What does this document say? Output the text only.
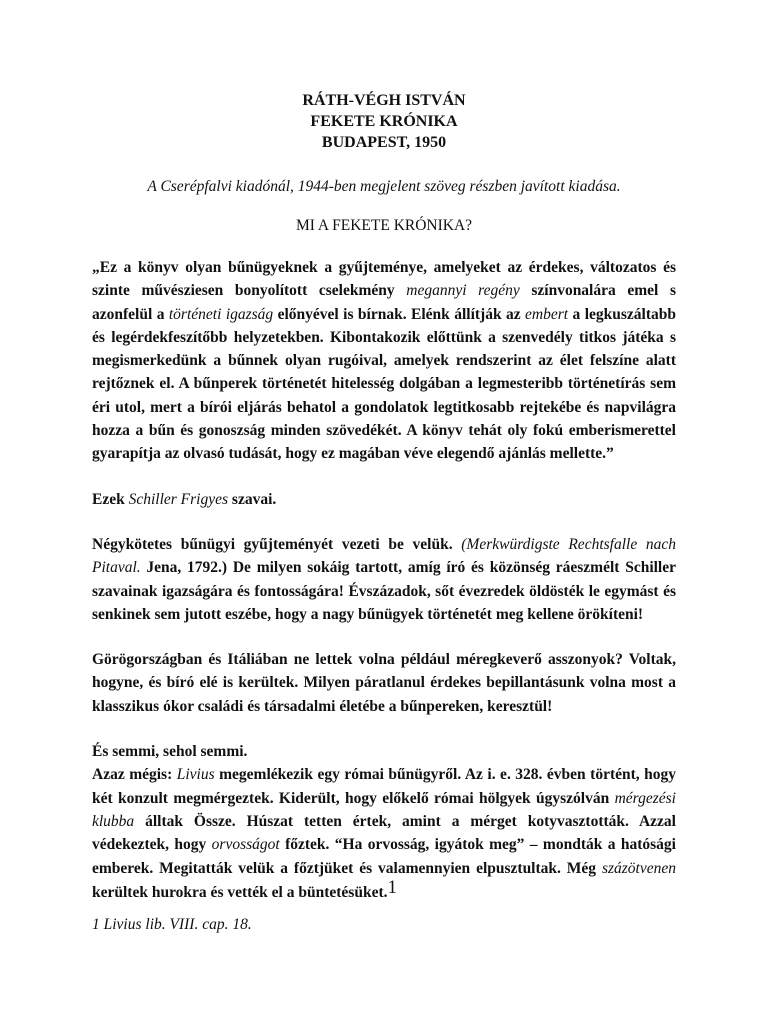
RÁTH-VÉGH ISTVÁN
FEKETE KRÓNIKA
BUDAPEST, 1950
A Cserépfalvi kiadónál, 1944-ben megjelent szöveg részben javított kiadása.
MI A FEKETE KRÓNIKA?

„Ez a könyv olyan bűnügyeknek a gyűjteménye, amelyeket az érdekes, változatos és szinte művésziesen bonyolított cselekmény megannyi regény színvonalára emel s azonfelül a történeti igazság előnyével is bírnak. Elénk állítják az embert a legkuszáltabb és legérdekfeszítőbb helyzetekben. Kibontakozik előttünk a szenvedély titkos játéka s megismerkedünk a bűnnek olyan rugóival, amelyek rendszerint az élet felszíne alatt rejtőznek el. A bűnperek történetét hitelesség dolgában a legmesteribb történetírás sem éri utol, mert a bírói eljárás behatol a gondolatok legtitkosabb rejtekébe és napvilágra hozza a bűn és gonoszság minden szövedékét. A könyv tehát oly fokú emberismerettel gyarapítja az olvasó tudását, hogy ez magában véve elegendő ajánlás mellette.”

Ezek Schiller Frigyes szavai.

Négykötetes bűnügyi gyűjteményét vezeti be velük. (Merkwürdigste Rechtsfalle nach Pitaval. Jena, 1792.) De milyen sokáig tartott, amíg író és közönség ráeszmélt Schiller szavainak igazságára és fontosságára! Évszázadok, sőt évezredek öldösték le egymást és senkinek sem jutott eszébe, hogy a nagy bűnügyek történetét meg kellene örökíteni!

Görögországban és Itáliában ne lettek volna például méregkeverő asszonyok? Voltak, hogyne, és bíró elé is kerültek. Milyen páratlanul érdekes bepillantásunk volna most a klasszikus ókor családi és társadalmi életébe a bűnpereken, keresztül!

És semmi, sehol semmi.

Azaz mégis: Livius megemlékezik egy római bűnügyről. Az i. e. 328. évben történt, hogy két konzult megmérgeztek. Kiderült, hogy előkelő római hölgyek úgyszólván mérgezési klubba álltak Össze. Húszat tetten értek, amint a mérget kotyvasztották. Azzal védekeztek, hogy orvosságot főztek. “Ha orvosság, igyátok meg” – mondták a hatósági emberek. Megitatták velük a főztjüket és valamennyien elpusztultak. Még százötvenen kerültek hurokra és vették el a büntetésüket.1

1 Livius lib. VIII. cap. 18.
